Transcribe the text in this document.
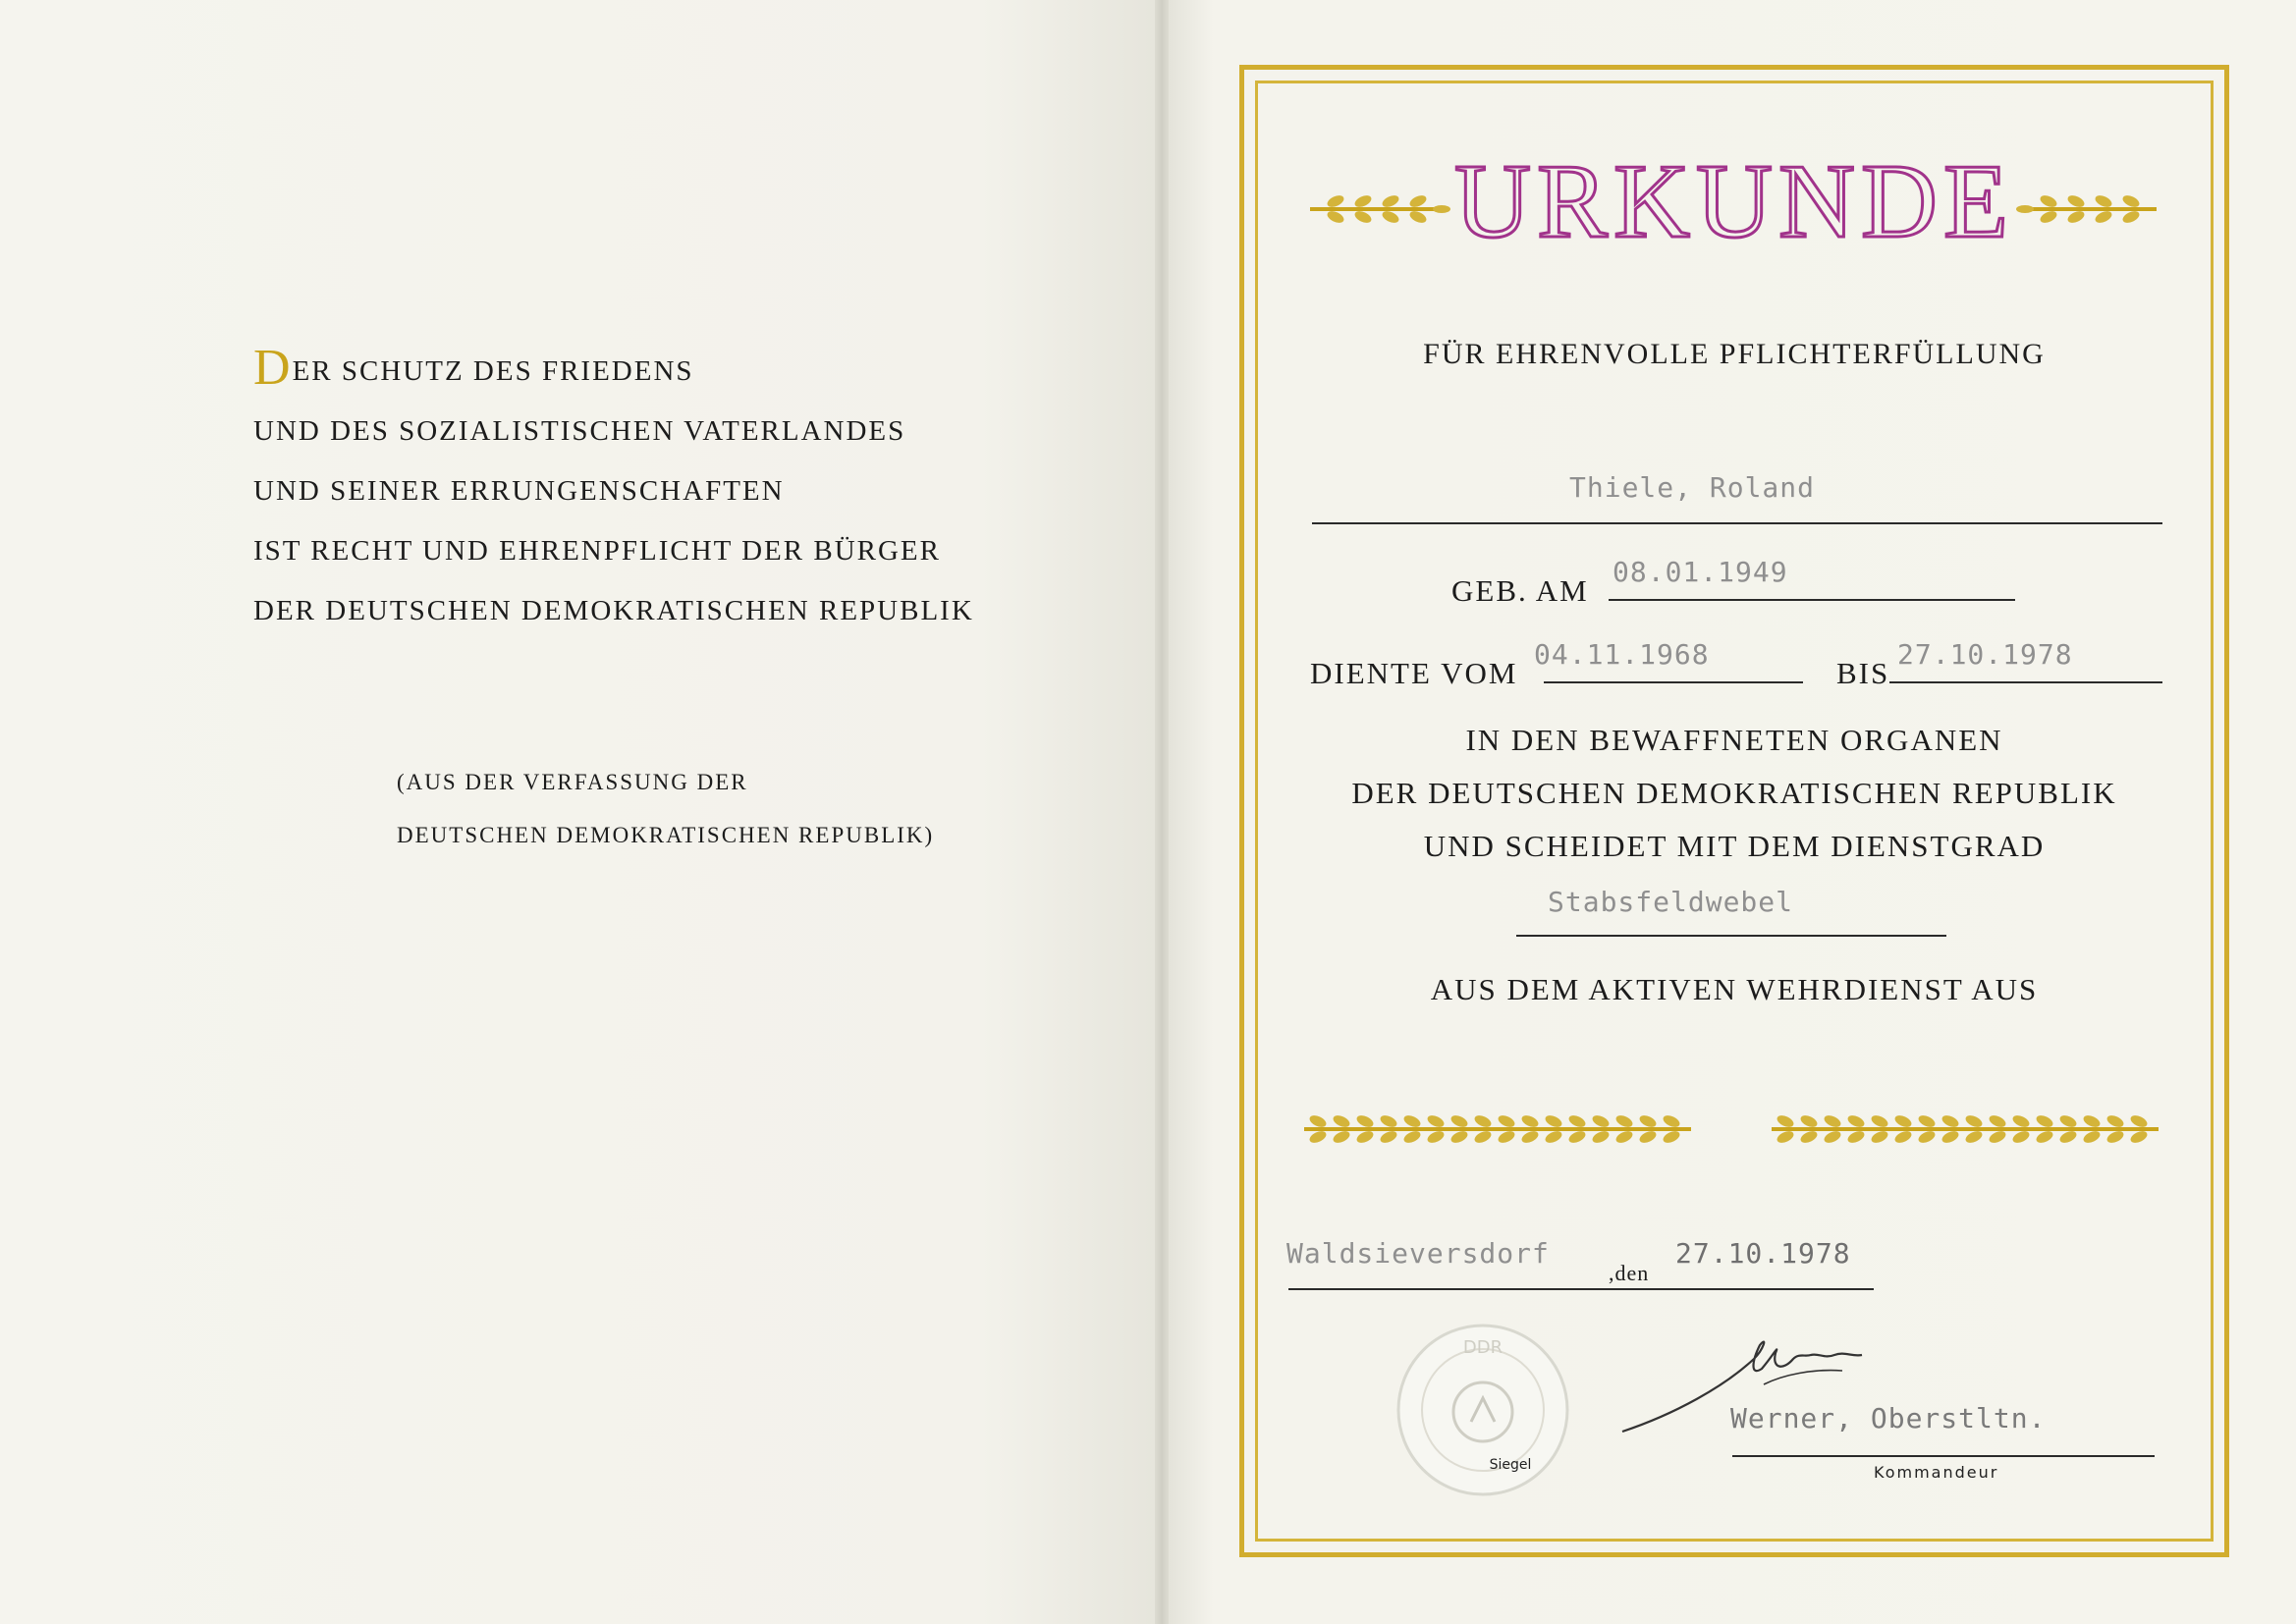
DER SCHUTZ DES FRIEDENS
UND DES SOZIALISTISCHEN VATERLANDES
UND SEINER ERRUNGENSCHAFTEN
IST RECHT UND EHRENPFLICHT DER BÜRGER
DER DEUTSCHEN DEMOKRATISCHEN REPUBLIK
(AUS DER VERFASSUNG DER
DEUTSCHEN DEMOKRATISCHEN REPUBLIK)
URKUNDE
FÜR EHRENVOLLE PFLICHTERFÜLLUNG
Thiele, Roland
GEB. AM
08.01.1949
DIENTE VOM
04.11.1968
BIS
27.10.1978
IN DEN BEWAFFNETEN ORGANEN
DER DEUTSCHEN DEMOKRATISCHEN REPUBLIK
UND SCHEIDET MIT DEM DIENSTGRAD
Stabsfeldwebel
AUS DEM AKTIVEN WEHRDIENST AUS
Waldsieversdorf
,den
27.10.1978
DDR
Siegel
Werner, Oberstltn.
Kommandeur
